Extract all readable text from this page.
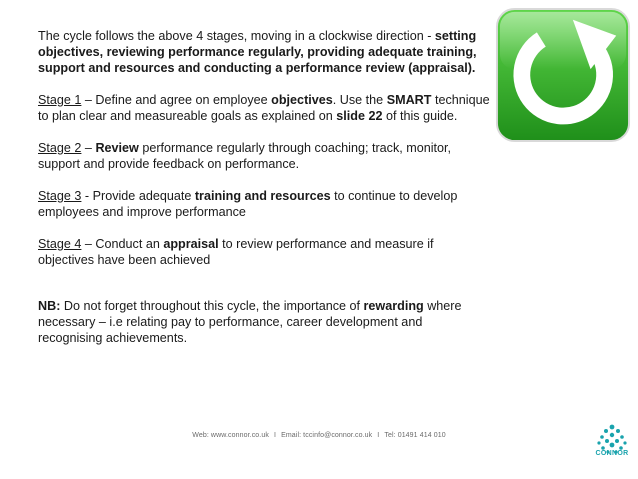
The cycle follows the above 4 stages, moving in a clockwise direction - setting objectives, reviewing performance regularly, providing adequate training, support and resources and conducting a performance review (appraisal).

Stage 1 – Define and agree on employee objectives. Use the SMART technique to plan clear and measureable goals as explained on slide 22 of this guide.

Stage 2 – Review performance regularly through coaching; track, monitor, support and provide feedback on performance.

Stage 3 - Provide adequate training and resources to continue to develop employees and improve performance

Stage 4 – Conduct an appraisal to review performance and measure if objectives have been achieved

NB: Do not forget throughout this cycle, the importance of rewarding where necessary – i.e relating pay to performance, career development and recognising achievements.

Web: www.connor.co.uk I Email: tccinfo@connor.co.uk I Tel: 01491 414 010
CONNOR
